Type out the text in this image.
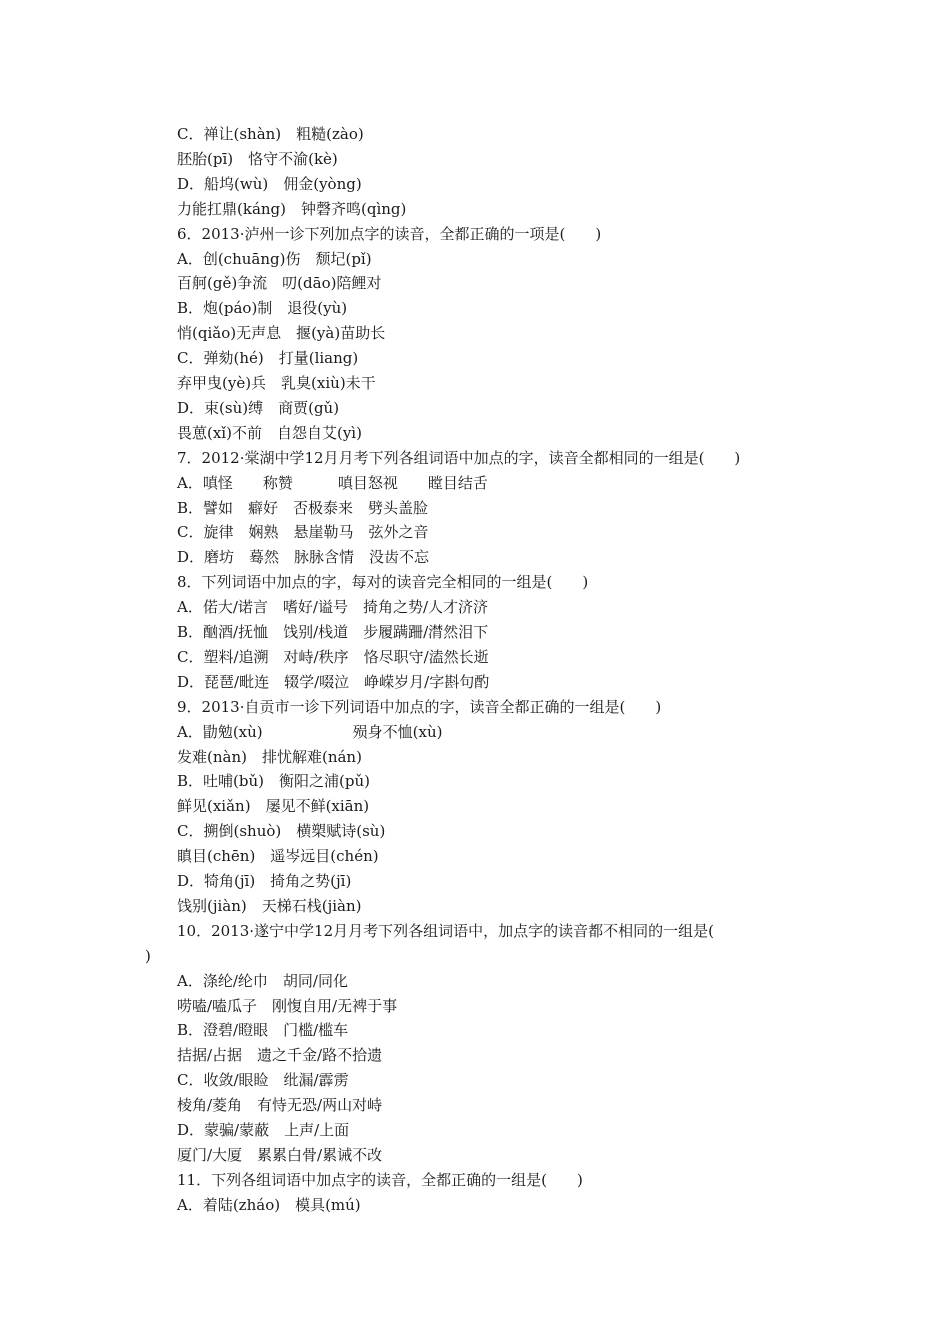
C．禅让(shàn)　粗糙(zào)
胚胎(pī)　恪守不渝(kè)
D．船坞(wù)　佣金(yòng)
力能扛鼎(káng)　钟磬齐鸣(qìng)
6．2013·泸州一诊下列加点字的读音，全都正确的一项是(　　)
A．创(chuāng)伤　颓圮(pǐ)
百舸(gě)争流　叨(dāo)陪鲤对
B．炮(páo)制　退役(yù)
悄(qiǎo)无声息　揠(yà)苗助长
C．弹劾(hé)　打量(liang)
弃甲曳(yè)兵　乳臭(xiù)未干
D．束(sù)缚　商贾(gǔ)
畏葸(xǐ)不前　自怨自艾(yì)
7．2012·棠湖中学12月月考下列各组词语中加点的字，读音全都相同的一组是(　　)
A．嗔怪　　称赞　　　嗔目怒视　　瞠目结舌
B．譬如　癖好　否极泰来　劈头盖脸
C．旋律　娴熟　悬崖勒马　弦外之音
D．磨坊　蓦然　脉脉含情　没齿不忘
8．下列词语中加点的字，每对的读音完全相同的一组是(　　)
A．偌大/诺言　嗜好/谥号　掎角之势/人才济济
B．酗酒/抚恤　饯别/栈道　步履蹒跚/潸然泪下
C．塑料/追溯　对峙/秩序　恪尽职守/溘然长逝
D．琵琶/毗连　辍学/啜泣　峥嵘岁月/字斟句酌
9．2013·自贡市一诊下列词语中加点的字，读音全都正确的一组是(　　)
A．勖勉(xù)　　　　　　殒身不恤(xù)
发难(nàn)　排忧解难(nán)
B．吐哺(bǔ)　衡阳之浦(pǔ)
鲜见(xiǎn)　屡见不鲜(xiān)
C．搠倒(shuò)　横槊赋诗(sù)
瞋目(chēn)　遥岑远目(chén)
D．犄角(jī)　掎角之势(jī)
饯别(jiàn)　天梯石栈(jiàn)
10．2013·遂宁中学12月月考下列各组词语中，加点字的读音都不相同的一组是(
)
A．涤纶/纶巾　胡同/同化
唠嗑/嗑瓜子　刚愎自用/无裨于事
B．澄碧/瞪眼　门槛/槛车
拮据/占据　遗之千金/路不拾遗
C．收敛/眼睑　纰漏/霹雳
棱角/菱角　有恃无恐/两山对峙
D．蒙骗/蒙蔽　上声/上面
厦门/大厦　累累白骨/累诫不改
11．下列各组词语中加点字的读音，全都正确的一组是(　　)
A．着陆(zháo)　模具(mú)
